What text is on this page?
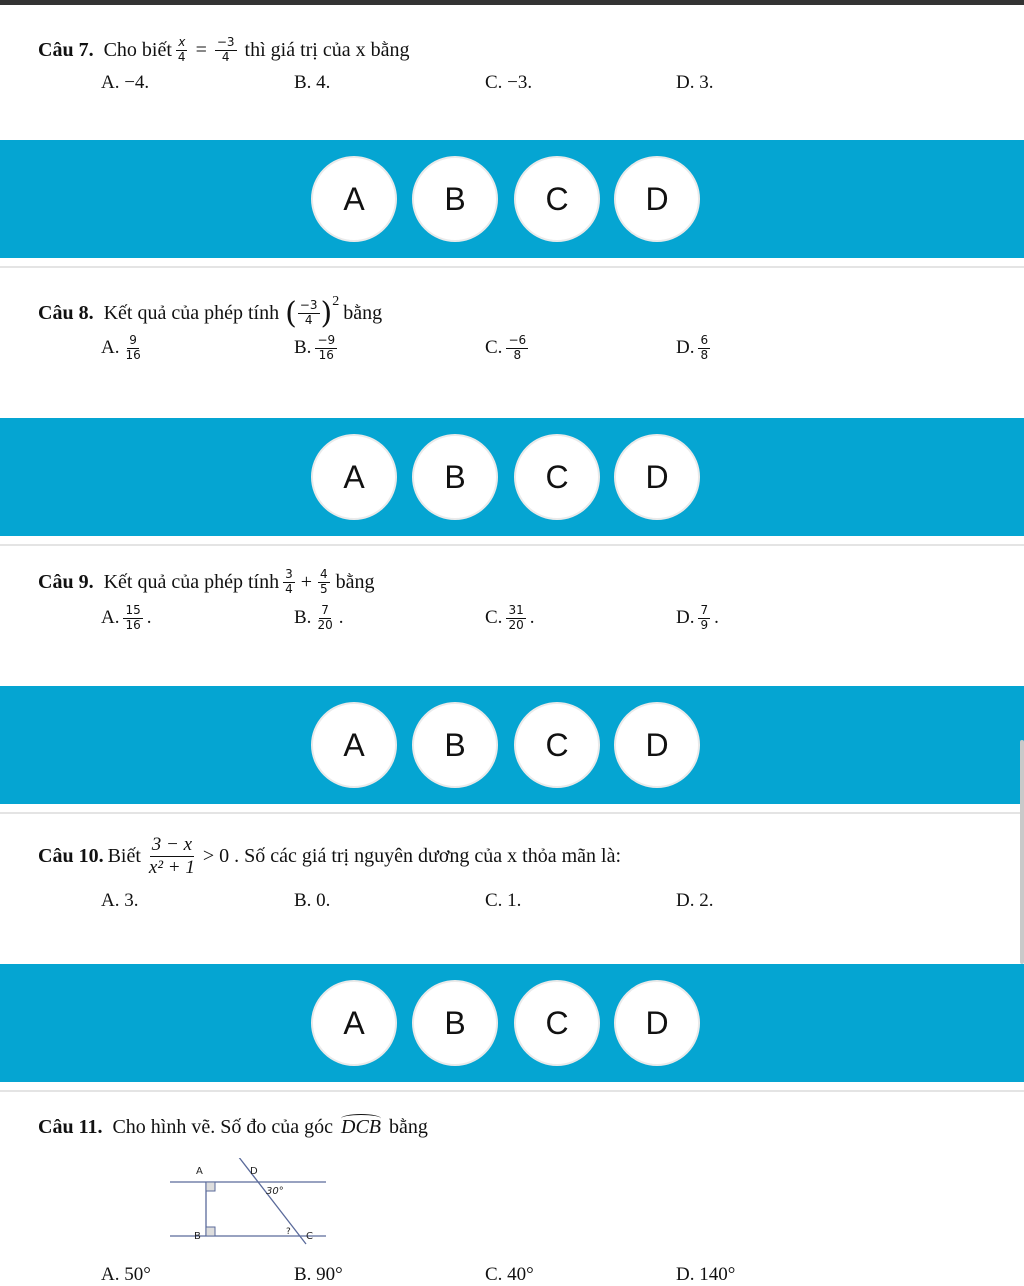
Câu 7. Cho biết $\frac{x}{4} = \frac{-3}{4}$ thì giá trị của x bằng
A. −4.	B. 4.	C. −3.	D. 3.
A	B	C	D
Câu 8. Kết quả của phép tính ( $\frac{-3}{4} )^2$
bằng
A. $\frac{9}{16}$	B. $\frac{-9}{16}$	C. $\frac{-6}{8}$	D. $\frac{6}{8}$
A	B	C	D
Câu 9. Kết quả của phép tính $\frac{3}{4} + \frac{4}{5}$ bằng
A. $\frac{15}{16}$ .	B. $\frac{7}{20}$ .	C. $\frac{31}{20}$ .	D. $\frac{7}{9}$ .
A	B	C	D
Câu 10. Biết $\frac{3 - x}{\text{x² + 1}} > 0$ . Số các giá trị nguyên dương của x thỏa mãn là:
A. 3.	B. 0.	C. 1.	D. 2.
A	B	C	D
Câu 11. Cho hình vẽ. Số đo của góc DCB bằng
A	D
30°
B	C
?
A. 50°	B. 90°	C. 40°	D. 140°
